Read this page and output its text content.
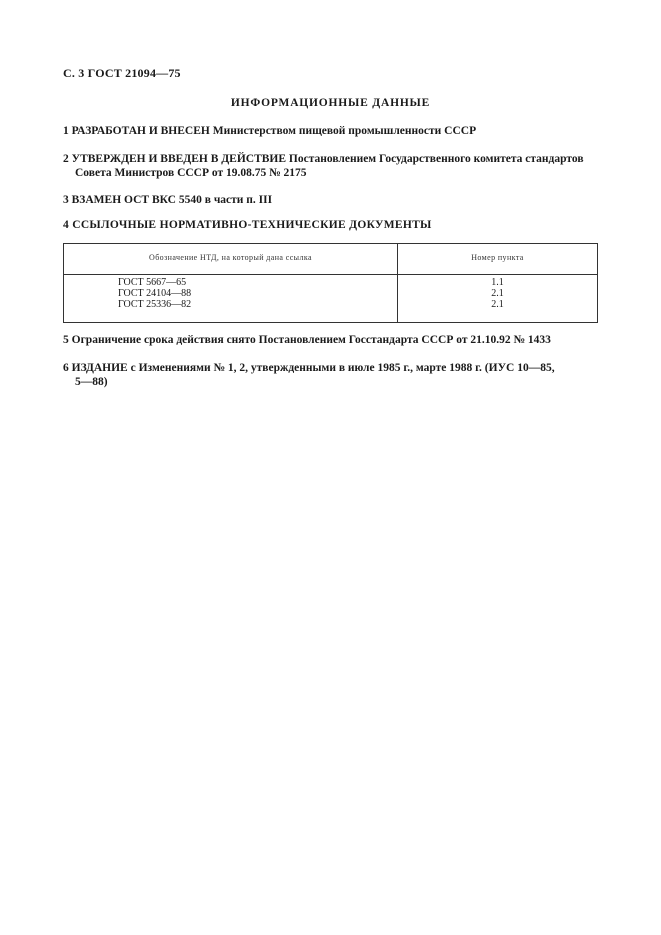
С. 3 ГОСТ 21094—75
ИНФОРМАЦИОННЫЕ ДАННЫЕ
1 РАЗРАБОТАН И ВНЕСЕН Министерством пищевой промышленности СССР
2 УТВЕРЖДЕН И ВВЕДЕН В ДЕЙСТВИЕ Постановлением Государственного комитета стандартов
Совета Министров СССР от 19.08.75 № 2175
3 ВЗАМЕН ОСТ ВКС 5540 в части п. III
4 ССЫЛОЧНЫЕ НОРМАТИВНО-ТЕХНИЧЕСКИЕ ДОКУМЕНТЫ
Обозначение НТД, на который дана ссылка	Номер пункта
ГОСТ 5667—65	1.1
ГОСТ 24104—88	2.1
ГОСТ 25336—82	2.1
5 Ограничение срока действия снято Постановлением Госстандарта СССР от 21.10.92 № 1433
6 ИЗДАНИЕ с Изменениями № 1, 2, утвержденными в июле 1985 г., марте 1988 г. (ИУС 10—85,
5—88)
